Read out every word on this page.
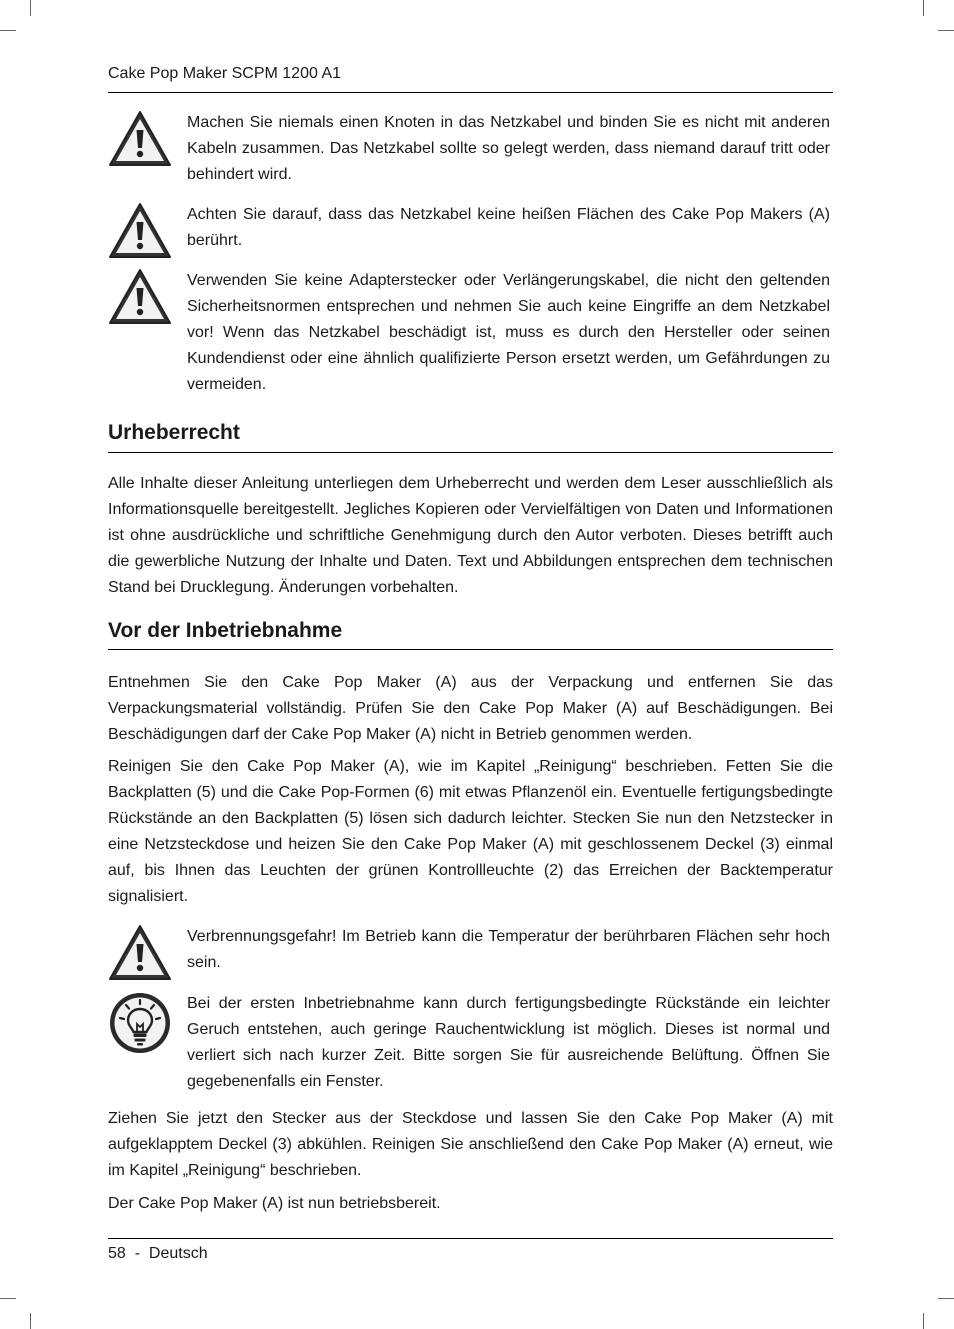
Cake Pop Maker SCPM 1200 A1
Machen Sie niemals einen Knoten in das Netzkabel und binden Sie es nicht mit anderen Kabeln zusammen. Das Netzkabel sollte so gelegt werden, dass niemand darauf tritt oder behindert wird.
Achten Sie darauf, dass das Netzkabel keine heißen Flächen des Cake Pop Makers (A) berührt.
Verwenden Sie keine Adapterstecker oder Verlängerungskabel, die nicht den geltenden Sicherheitsnormen entsprechen und nehmen Sie auch keine Eingriffe an dem Netzkabel vor! Wenn das Netzkabel beschädigt ist, muss es durch den Hersteller oder seinen Kundendienst oder eine ähnlich qualifizierte Person ersetzt werden, um Gefährdungen zu vermeiden.
Urheberrecht
Alle Inhalte dieser Anleitung unterliegen dem Urheberrecht und werden dem Leser ausschließlich als Informationsquelle bereitgestellt. Jegliches Kopieren oder Vervielfältigen von Daten und Informationen ist ohne ausdrückliche und schriftliche Genehmigung durch den Autor verboten. Dieses betrifft auch die gewerbliche Nutzung der Inhalte und Daten. Text und Abbildungen entsprechen dem technischen Stand bei Drucklegung. Änderungen vorbehalten.
Vor der Inbetriebnahme
Entnehmen Sie den Cake Pop Maker (A) aus der Verpackung und entfernen Sie das Verpackungsmaterial vollständig. Prüfen Sie den Cake Pop Maker (A) auf Beschädigungen. Bei Beschädigungen darf der Cake Pop Maker (A) nicht in Betrieb genommen werden.
Reinigen Sie den Cake Pop Maker (A), wie im Kapitel „Reinigung“ beschrieben. Fetten Sie die Backplatten (5) und die Cake Pop-Formen (6) mit etwas Pflanzenöl ein. Eventuelle fertigungsbedingte Rückstände an den Backplatten (5) lösen sich dadurch leichter. Stecken Sie nun den Netzstecker in eine Netzsteckdose und heizen Sie den Cake Pop Maker (A) mit geschlossenem Deckel (3) einmal auf, bis Ihnen das Leuchten der grünen Kontrollleuchte (2) das Erreichen der Backtemperatur signalisiert.
Verbrennungsgefahr! Im Betrieb kann die Temperatur der berührbaren Flächen sehr hoch sein.
Bei der ersten Inbetriebnahme kann durch fertigungsbedingte Rückstände ein leichter Geruch entstehen, auch geringe Rauchentwicklung ist möglich. Dieses ist normal und verliert sich nach kurzer Zeit. Bitte sorgen Sie für ausreichende Belüftung. Öffnen Sie gegebenenfalls ein Fenster.
Ziehen Sie jetzt den Stecker aus der Steckdose und lassen Sie den Cake Pop Maker (A) mit aufgeklapptem Deckel (3) abkühlen. Reinigen Sie anschließend den Cake Pop Maker (A) erneut, wie im Kapitel „Reinigung“ beschrieben.
Der Cake Pop Maker (A) ist nun betriebsbereit.
58  -  Deutsch
